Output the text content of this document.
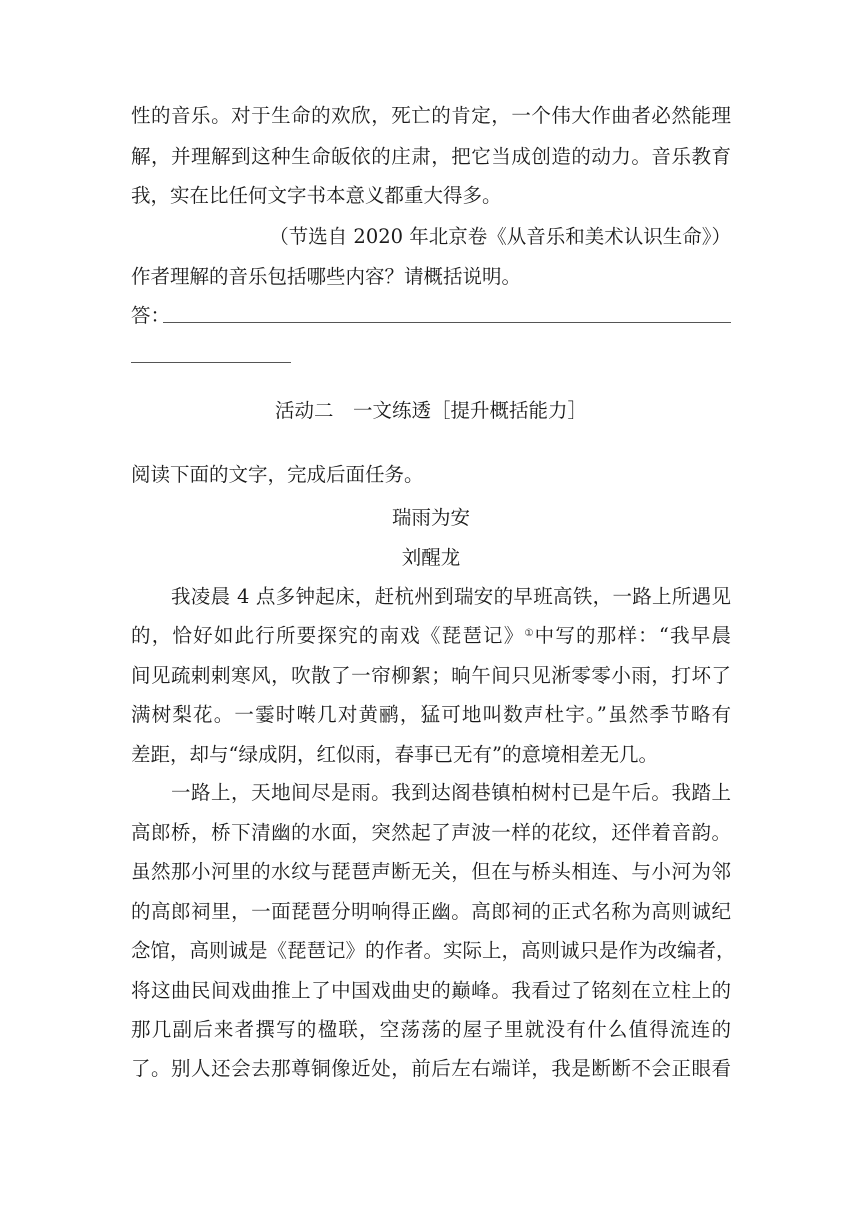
性的音乐。对于生命的欢欣，死亡的肯定，一个伟大作曲者必然能理
解，并理解到这种生命皈依的庄肃，把它当成创造的动力。音乐教育
我，实在比任何文字书本意义都重大得多。
（节选自 2020 年北京卷《从音乐和美术认识生命》）
作者理解的音乐包括哪些内容？请概括说明。
答：
活动二　一文练透［提升概括能力］
阅读下面的文字，完成后面任务。
瑞雨为安
刘醒龙
我凌晨 4 点多钟起床，赶杭州到瑞安的早班高铁，一路上所遇见
的，恰好如此行所要探究的南戏《琵琶记》①中写的那样：“我早晨
间见疏剌剌寒风，吹散了一帘柳絮；晌午间只见淅零零小雨，打坏了
满树梨花。一霎时啭几对黄鹂，猛可地叫数声杜宇。”虽然季节略有
差距，却与“绿成阴，红似雨，春事已无有”的意境相差无几。
一路上，天地间尽是雨。我到达阁巷镇柏树村已是午后。我踏上
高郎桥，桥下清幽的水面，突然起了声波一样的花纹，还伴着音韵。
虽然那小河里的水纹与琵琶声断无关，但在与桥头相连、与小河为邻
的高郎祠里，一面琵琶分明响得正幽。高郎祠的正式名称为高则诚纪
念馆，高则诚是《琵琶记》的作者。实际上，高则诚只是作为改编者，
将这曲民间戏曲推上了中国戏曲史的巅峰。我看过了铭刻在立柱上的
那几副后来者撰写的楹联，空荡荡的屋子里就没有什么值得流连的
了。别人还会去那尊铜像近处，前后左右端详，我是断断不会正眼看
